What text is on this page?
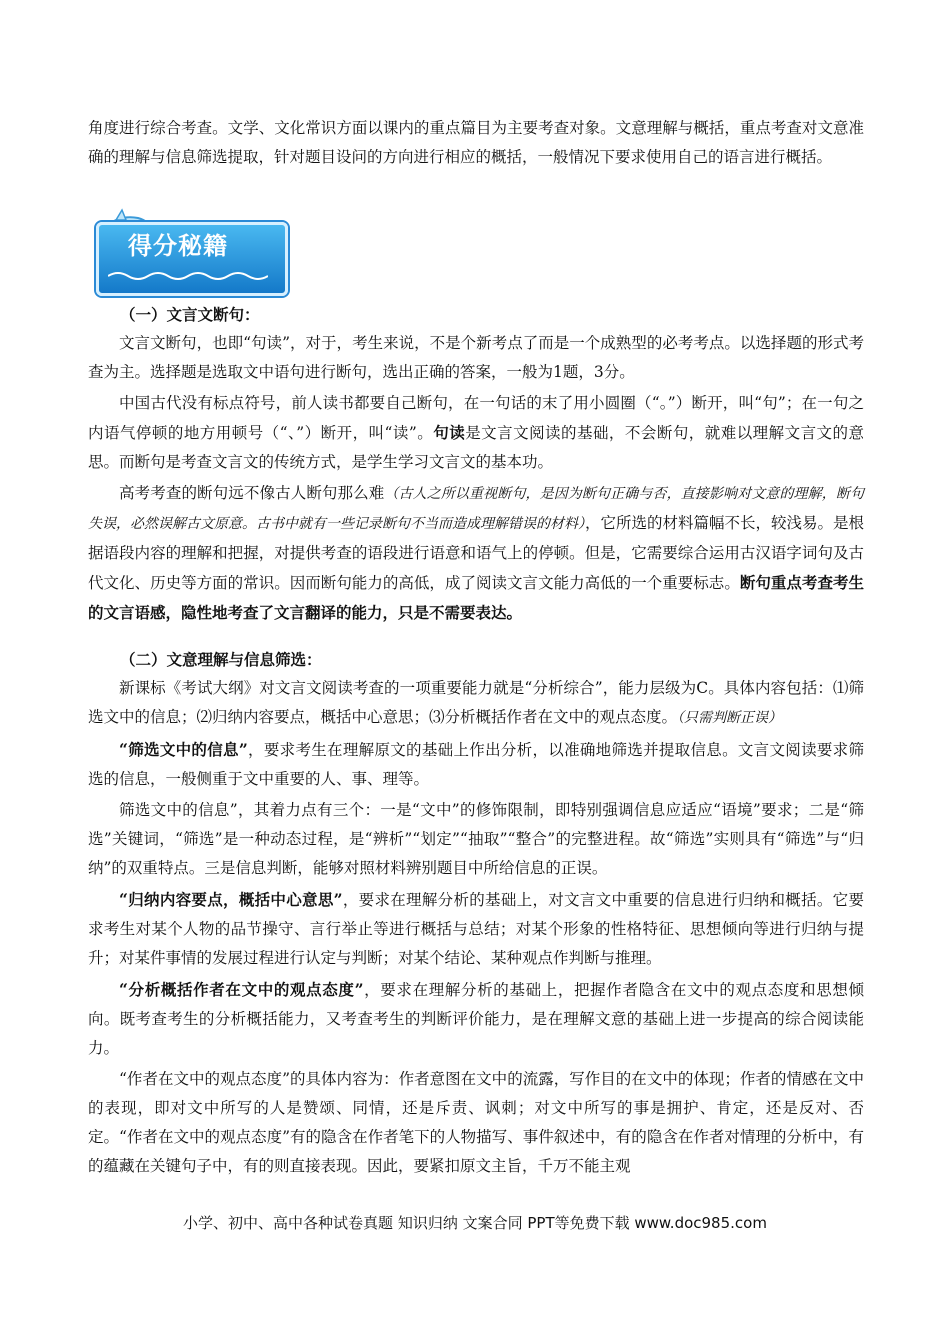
角度进行综合考查。文学、文化常识方面以课内的重点篇目为主要考查对象。文意理解与概括，重点考查对文意准确的理解与信息筛选提取，针对题目设问的方向进行相应的概括，一般情况下要求使用自己的语言进行概括。

得分秘籍

（一）文言文断句：

文言文断句，也即“句读”，对于，考生来说，不是个新考点了而是一个成熟型的必考考点。以选择题的形式考查为主。选择题是选取文中语句进行断句，选出正确的答案，一般为1题，3分。

中国古代没有标点符号，前人读书都要自己断句，在一句话的末了用小圆圈（“。”）断开，叫“句”；在一句之内语气停顿的地方用顿号（“、”）断开，叫“读”。句读是文言文阅读的基础，不会断句，就难以理解文言文的意思。而断句是考查文言文的传统方式，是学生学习文言文的基本功。

高考考查的断句远不像古人断句那么难（古人之所以重视断句，是因为断句正确与否，直接影响对文意的理解，断句失误，必然误解古文原意。古书中就有一些记录断句不当而造成理解错误的材料），它所选的材料篇幅不长，较浅易。是根据语段内容的理解和把握，对提供考查的语段进行语意和语气上的停顿。但是，它需要综合运用古汉语字词句及古代文化、历史等方面的常识。因而断句能力的高低，成了阅读文言文能力高低的一个重要标志。断句重点考查考生的文言语感，隐性地考查了文言翻译的能力，只是不需要表达。

（二）文意理解与信息筛选：

新课标《考试大纲》对文言文阅读考查的一项重要能力就是“分析综合”，能力层级为C。具体内容包括：⑴筛选文中的信息；⑵归纳内容要点，概括中心意思；⑶分析概括作者在文中的观点态度。（只需判断正误）

“筛选文中的信息”，要求考生在理解原文的基础上作出分析，以准确地筛选并提取信息。文言文阅读要求筛选的信息，一般侧重于文中重要的人、事、理等。

筛选文中的信息”，其着力点有三个：一是“文中”的修饰限制，即特别强调信息应适应“语境”要求；二是“筛选”关键词，“筛选”是一种动态过程，是“辨析”“划定”“抽取”“整合”的完整进程。故“筛选”实则具有“筛选”与“归纳”的双重特点。三是信息判断，能够对照材料辨别题目中所给信息的正误。

“归纳内容要点，概括中心意思”，要求在理解分析的基础上，对文言文中重要的信息进行归纳和概括。它要求考生对某个人物的品节操守、言行举止等进行概括与总结；对某个形象的性格特征、思想倾向等进行归纳与提升；对某件事情的发展过程进行认定与判断；对某个结论、某种观点作判断与推理。

“分析概括作者在文中的观点态度”，要求在理解分析的基础上，把握作者隐含在文中的观点态度和思想倾向。既考查考生的分析概括能力，又考查考生的判断评价能力，是在理解文意的基础上进一步提高的综合阅读能力。

“作者在文中的观点态度”的具体内容为：作者意图在文中的流露，写作目的在文中的体现；作者的情感在文中的表现，即对文中所写的人是赞颂、同情，还是斥责、讽刺；对文中所写的事是拥护、肯定，还是反对、否定。“作者在文中的观点态度”有的隐含在作者笔下的人物描写、事件叙述中，有的隐含在作者对情理的分析中，有的蕴藏在关键句子中，有的则直接表现。因此，要紧扣原文主旨，千万不能主观

小学、初中、高中各种试卷真题 知识归纳 文案合同 PPT等免费下载 www.doc985.com
